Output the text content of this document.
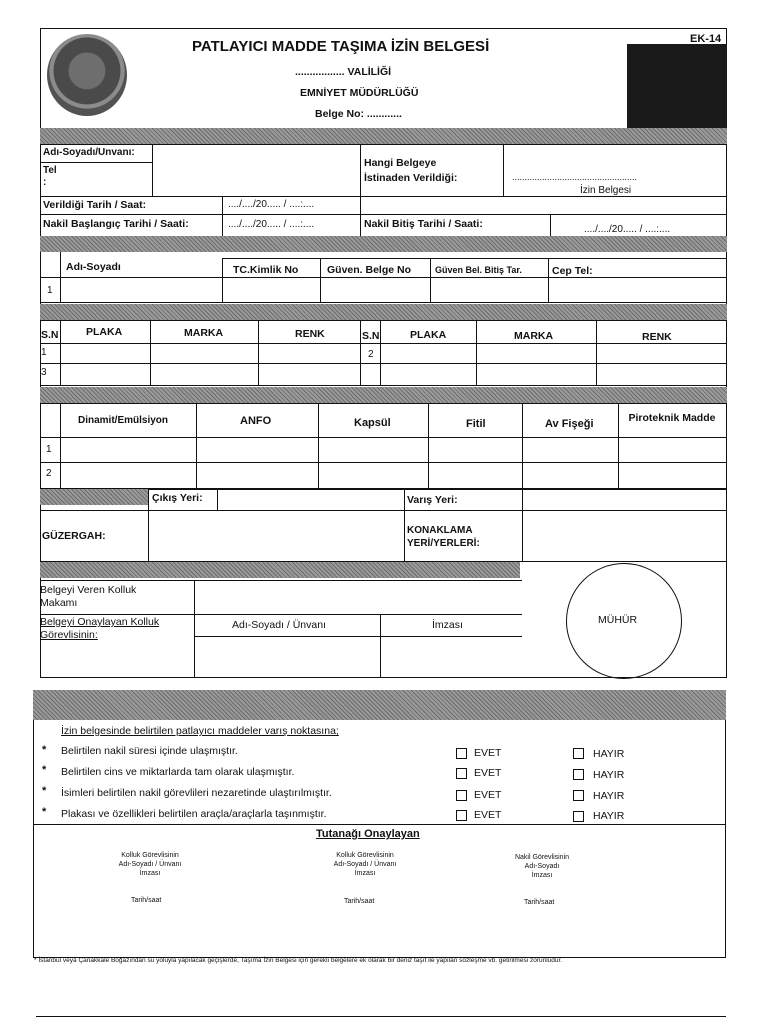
EK-14
PATLAYICI MADDE TAŞIMA İZİN BELGESİ
................. VALİLİĞİ
EMNİYET MÜDÜRLÜĞÜ
Belge No: ............
Adı-Soyadı/Unvanı:
Tel
:
Hangi Belgeye
İstinaden Verildiği:	..................................................
İzin Belgesi
Verildiği Tarih / Saat:	..../..../20..... / ....:....
Nakil Başlangıç Tarihi / Saati:	..../..../20..... / ....:....	Nakil Bitiş Tarihi / Saati:	..../..../20..... / ....:....
Adı-Soyadı	TC.Kimlik No	Güven. Belge No	Güven Bel. Bitiş Tar.	Cep Tel:
1
S.N	PLAKA	MARKA	RENK	S.N	PLAKA	MARKA	RENK
1	2
3
Dinamit/Emülsiyon	ANFO	Kapsül	Fitil	Av Fişeği	Piroteknik Madde
1
2
Çıkış Yeri:	Varış Yeri:
GÜZERGAH:	KONAKLAMA
YERİ/YERLERİ:
Belgeyi Veren Kolluk
Makamı
Belgeyi Onaylayan Kolluk
Görevlisinin:
Adı-Soyadı / Ünvanı	İmzası	MÜHÜR
İzin belgesinde belirtilen patlayıcı maddeler varış noktasına;
* Belirtilen nakil süresi içinde ulaşmıştır.	EVET	HAYIR
* Belirtilen cins ve miktarlarda tam olarak ulaşmıştır.	EVET	HAYIR
* İsimleri belirtilen nakil görevlileri nezaretinde ulaştırılmıştır.	EVET	HAYIR
* Plakası ve özellikleri belirtilen araçla/araçlarla taşınmıştır.	EVET	HAYIR
Tutanağı Onaylayan
Kolluk Görevlisinin
Adı-Soyadı / Ünvanı
İmzası
Kolluk Görevlisinin
Adı-Soyadı / Ünvanı
İmzası
Nakil Görevlisinin
Adı-Soyadı
İmzası
Tarih/saat	Tarih/saat	Tarih/saat
* İstanbul veya Çanakkale Boğazından su yoluyla yapılacak geçişlerde, Taşıma İzin Belgesi için gerekli belgelere ek olarak bir deniz taşıt ile yapılan sözleşme vb. getirilmesi zorunludur.
